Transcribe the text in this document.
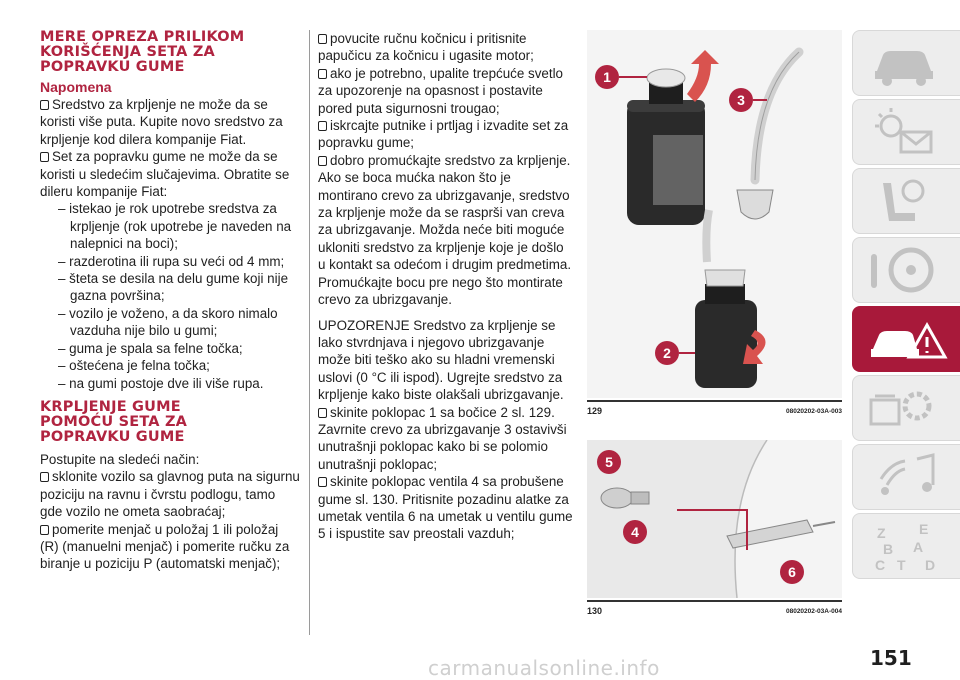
MERE OPREZA PRILIKOM
KORIŠĆENJA SETA ZA
POPRAVKU GUME
Napomena

Sredstvo za krpljenje ne može da se koristi više puta. Kupite novo sredstvo za krpljenje kod dilera kompanije Fiat.

Set za popravku gume ne može da se koristi u sledećim slučajevima. Obratite se dileru kompanije Fiat:

– istekao je rok upotrebe sredstva za krpljenje (rok upotrebe je naveden na nalepnici na boci);

– razderotina ili rupa su veći od 4 mm;

– šteta se desila na delu gume koji nije gazna površina;

– vozilo je voženo, a da skoro nimalo vazduha nije bilo u gumi;

– guma je spala sa felne točka;

– oštećena je felna točka;

– na gumi postoje dve ili više rupa.

KRPLJENJE GUME
POMOĆU SETA ZA
POPRAVKU GUME

Postupite na sledeći način:

sklonite vozilo sa glavnog puta na sigurnu poziciju na ravnu i čvrstu podlogu, tamo gde vozilo ne ometa saobraćaj;

pomerite menjač u položaj 1 ili položaj (R) (manuelni menjač) i pomerite ručku za biranje u poziciju P (automatski menjač);

povucite ručnu kočnicu i pritisnite papučicu za kočnicu i ugasite motor;

ako je potrebno, upalite trepćuće svetlo za upozorenje na opasnost i postavite pored puta sigurnosni trougao;

iskrcajte putnike i prtljag i izvadite set za popravku gume;

dobro promućkajte sredstvo za krpljenje. Ako se boca mućka nakon što je montirano crevo za ubrizgavanje, sredstvo za krpljenje može da se rasprši van creva za ubrizgavanje. Možda neće biti moguće ukloniti sredstvo za krpljenje koje je došlo u kontakt sa odećom i drugim predmetima. Promućkajte bocu pre nego što montirate crevo za ubrizgavanje.

UPOZORENJE Sredstvo za krpljenje se lako stvrdnjava i njegovo ubrizgavanje može biti teško ako su hladni vremenski uslovi (0 °C ili ispod). Ugrejte sredstvo za krpljenje kako biste olakšali ubrizgavanje.

skinite poklopac 1 sa bočice 2 sl. 129. Zavrnite crevo za ubrizgavanje 3 ostavivši unutrašnji poklopac kako bi se polomio unutrašnji poklopac;

skinite poklopac ventila 4 sa probušene gume sl. 130. Pritisnite pozadinu alatke za umetak ventila 6 na umetak u ventilu gume 5 i ispustite sav preostali vazduh;

1
3
2
129	08020202-03A-003
5
4
6
130	08020202-03A-004
Z E
B A
C T D
carmanualsonline.info	151
